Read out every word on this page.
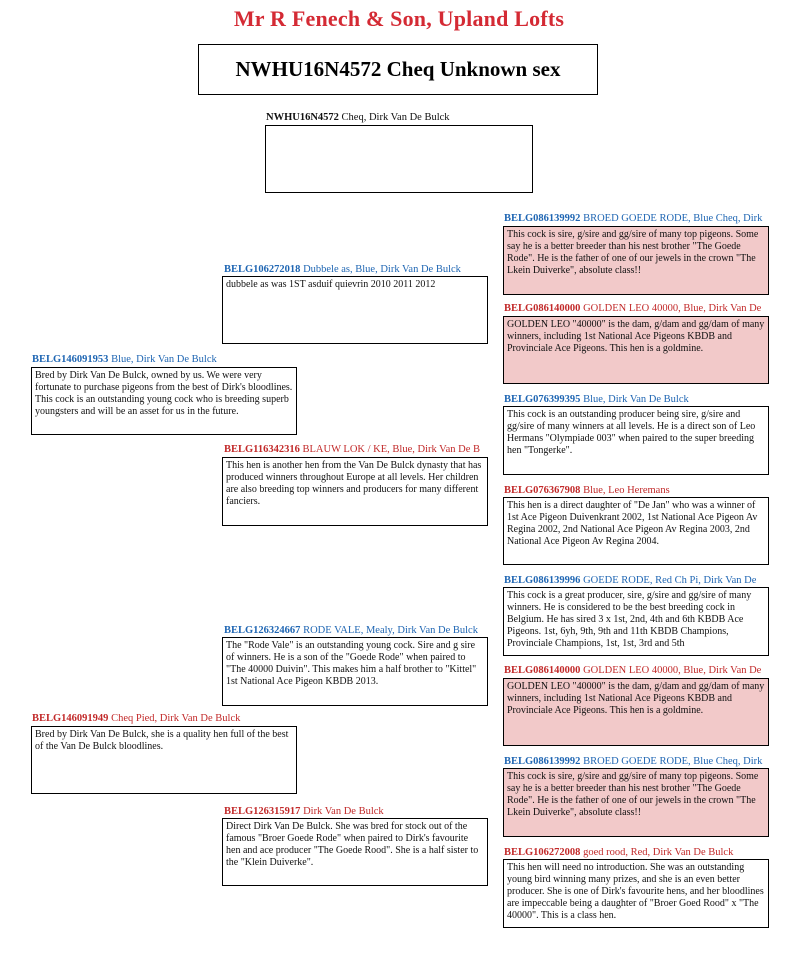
Mr R Fenech & Son, Upland Lofts
NWHU16N4572 Cheq Unknown sex
NWHU16N4572 Cheq, Dirk Van De Bulck
BELG146091953 Blue, Dirk Van De Bulck
Bred by Dirk Van De Bulck, owned by us. We were very fortunate to purchase pigeons from the best of Dirk's bloodlines. This cock is an outstanding young cock who is breeding superb youngsters and will be an asset for us in the future.
BELG146091949 Cheq Pied, Dirk Van De Bulck
Bred by Dirk Van De Bulck, she is a quality hen full of the best of the Van De Bulck bloodlines.
BELG106272018 Dubbele as, Blue, Dirk Van De Bulck
dubbele as was 1ST asduif quievrin 2010 2011 2012
BELG116342316 BLAUW LOK / KE, Blue, Dirk Van De B
This hen is another hen from the Van De Bulck dynasty that has produced winners throughout Europe at all levels. Her children are also breeding top winners and producers for many different fanciers.
BELG126324667 RODE VALE, Mealy, Dirk Van De Bulck
The "Rode Vale" is an outstanding young cock. Sire and g sire of winners. He is a son of the "Goede Rode" when paired to "The 40000 Duivin". This makes him a half brother to "Kittel" 1st National Ace Pigeon KBDB 2013.
BELG126315917 Dirk Van De Bulck
Direct Dirk Van De Bulck. She was bred for stock out of the famous "Broer Goede Rode" when paired to Dirk's favourite hen and ace producer "The Goede Rood". She is a half sister to the "Klein Duiverke".
BELG086139992 BROED GOEDE RODE, Blue Cheq, Dirk
This cock is sire, g/sire and gg/sire of many top pigeons. Some say he is a better breeder than his nest brother "The Goede Rode". He is the father of one of our jewels in the crown "The Lkein Duiverke", absolute class!!
BELG086140000 GOLDEN LEO 40000, Blue, Dirk Van De
GOLDEN LEO "40000" is the dam, g/dam and gg/dam of many winners, including 1st National Ace Pigeons KBDB and Provinciale Ace Pigeons. This hen is a goldmine.
BELG076399395 Blue, Dirk Van De Bulck
This cock is an outstanding producer being sire, g/sire and gg/sire of many winners at all levels. He is a direct son of Leo Hermans "Olympiade 003" when paired to the super breeding hen "Tongerke".
BELG076367908 Blue, Leo Heremans
This hen is a direct daughter of "De Jan" who was a winner of 1st Ace Pigeon Duivenkrant 2002, 1st National Ace Pigeon Av Regina 2002, 2nd National Ace Pigeon Av Regina 2003, 2nd National Ace Pigeon Av Regina 2004.
BELG086139996 GOEDE RODE, Red Ch Pi, Dirk Van De
This cock is a great producer, sire, g/sire and gg/sire of many winners. He is considered to be the best breeding cock in Belgium. He has sired 3 x 1st, 2nd, 4th and 6th KBDB Ace Pigeons. 1st, 6yh, 9th, 9th and 11th KBDB Champions, Provinciale Champions, 1st, 1st, 3rd and 5th
BELG086140000 GOLDEN LEO 40000, Blue, Dirk Van De
GOLDEN LEO "40000" is the dam, g/dam and gg/dam of many winners, including 1st National Ace Pigeons KBDB and Provinciale Ace Pigeons. This hen is a goldmine.
BELG086139992 BROED GOEDE RODE, Blue Cheq, Dirk
This cock is sire, g/sire and gg/sire of many top pigeons. Some say he is a better breeder than his nest brother "The Goede Rode". He is the father of one of our jewels in the crown "The Lkein Duiverke", absolute class!!
BELG106272008 goed rood, Red, Dirk Van De Bulck
This hen will need no introduction. She was an outstanding young bird winning many prizes, and she is an even better producer. She is one of Dirk's favourite hens, and her bloodlines are impeccable being a daughter of "Broer Goed Rood" x "The 40000". This is a class hen.
